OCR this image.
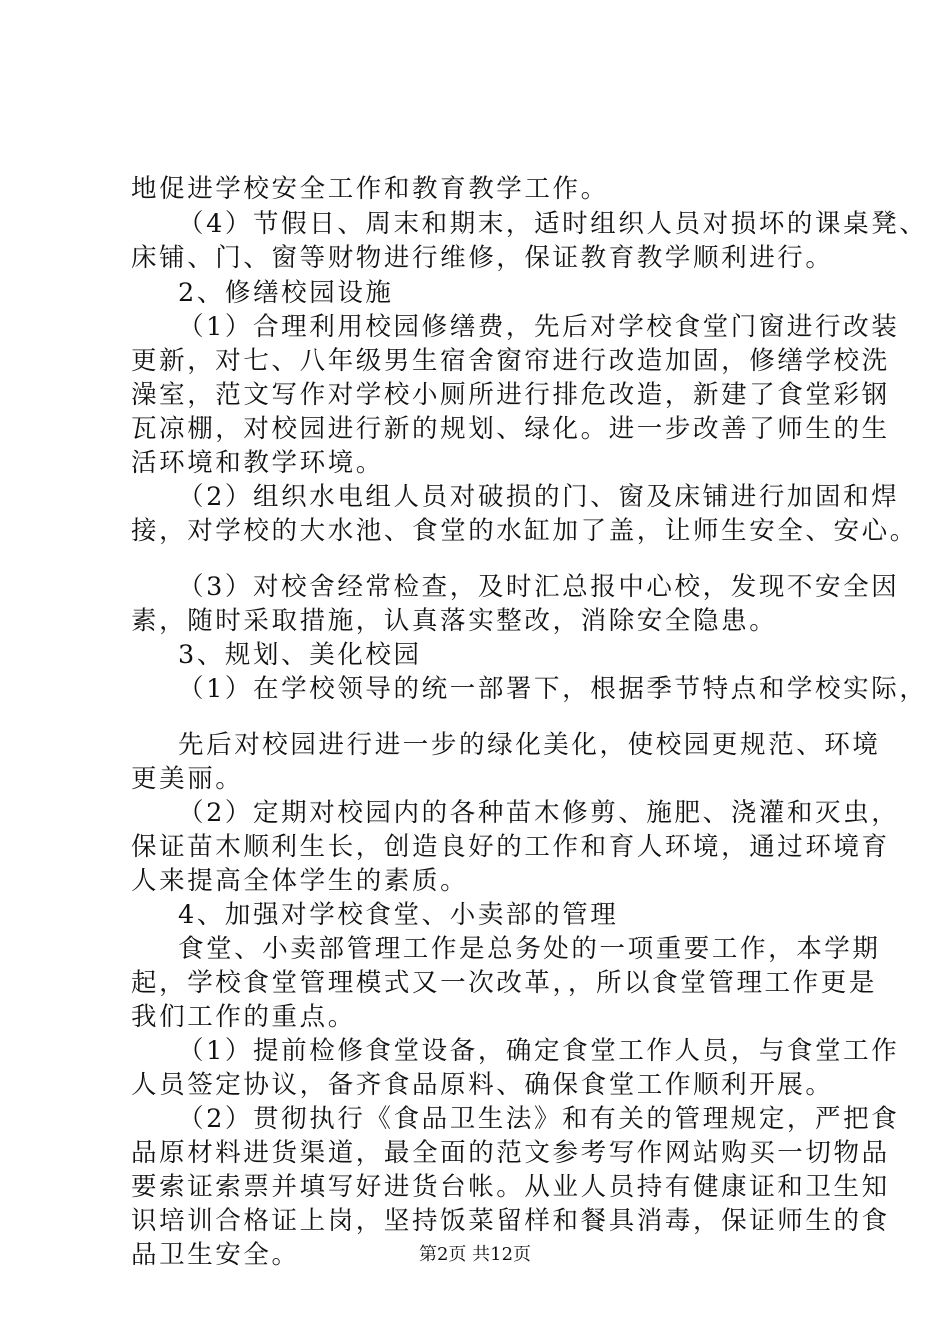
地促进学校安全工作和教育教学工作。
（4）节假日、周末和期末，适时组织人员对损坏的课桌凳、
床铺、门、窗等财物进行维修，保证教育教学顺利进行。
2、修缮校园设施
（1）合理利用校园修缮费，先后对学校食堂门窗进行改装
更新，对七、八年级男生宿舍窗帘进行改造加固，修缮学校洗
澡室，范文写作对学校小厕所进行排危改造，新建了食堂彩钢
瓦凉棚，对校园进行新的规划、绿化。进一步改善了师生的生
活环境和教学环境。
（2）组织水电组人员对破损的门、窗及床铺进行加固和焊
接，对学校的大水池、食堂的水缸加了盖，让师生安全、安心。
（3）对校舍经常检查，及时汇总报中心校，发现不安全因
素，随时采取措施，认真落实整改，消除安全隐患。
3、规划、美化校园
（1）在学校领导的统一部署下，根据季节特点和学校实际，
先后对校园进行进一步的绿化美化，使校园更规范、环境
更美丽。
（2）定期对校园内的各种苗木修剪、施肥、浇灌和灭虫，
保证苗木顺利生长，创造良好的工作和育人环境，通过环境育
人来提高全体学生的素质。
4、加强对学校食堂、小卖部的管理
食堂、小卖部管理工作是总务处的一项重要工作，本学期
起，学校食堂管理模式又一次改革，，所以食堂管理工作更是
我们工作的重点。
（1）提前检修食堂设备，确定食堂工作人员，与食堂工作
人员签定协议，备齐食品原料、确保食堂工作顺利开展。
（2）贯彻执行《食品卫生法》和有关的管理规定，严把食
品原材料进货渠道，最全面的范文参考写作网站购买一切物品
要索证索票并填写好进货台帐。从业人员持有健康证和卫生知
识培训合格证上岗，坚持饭菜留样和餐具消毒，保证师生的食
品卫生安全。	第2页 共12页
